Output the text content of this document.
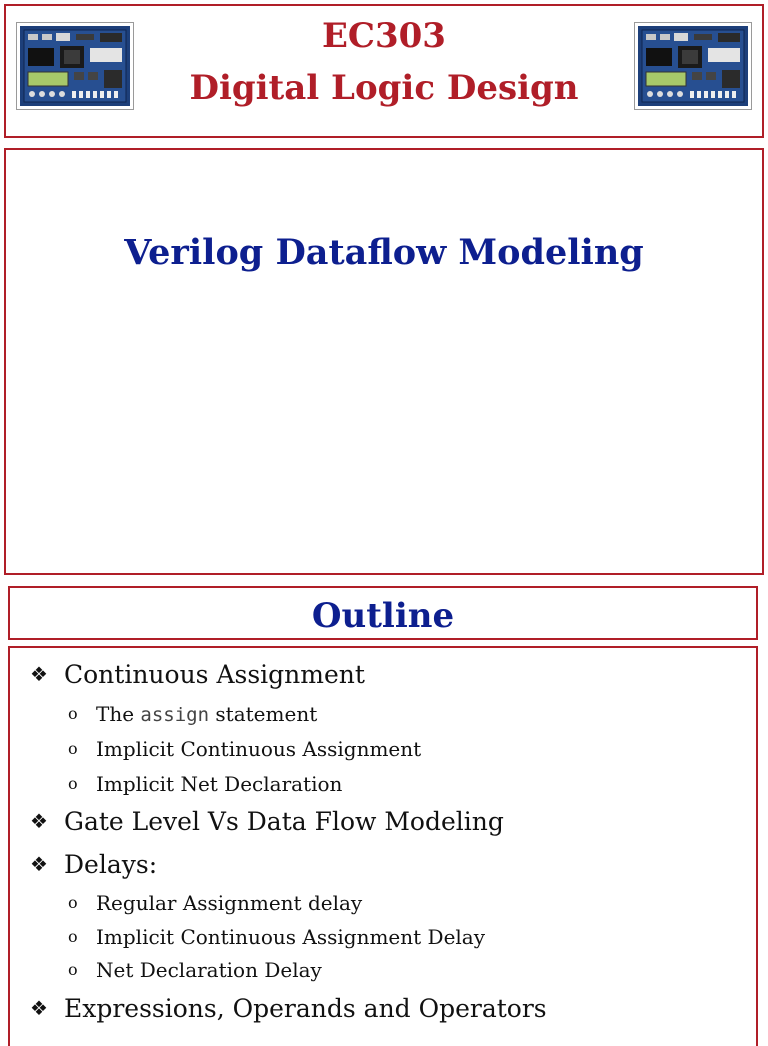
EC303
Digital Logic Design
Verilog Dataflow Modeling
Outline
❖ Continuous Assignment
o The assign statement
o Implicit Continuous Assignment
o Implicit Net Declaration
❖ Gate Level Vs Data Flow Modeling
❖ Delays:
o Regular Assignment delay
o Implicit Continuous Assignment Delay
o Net Declaration Delay
❖ Expressions, Operands and Operators
